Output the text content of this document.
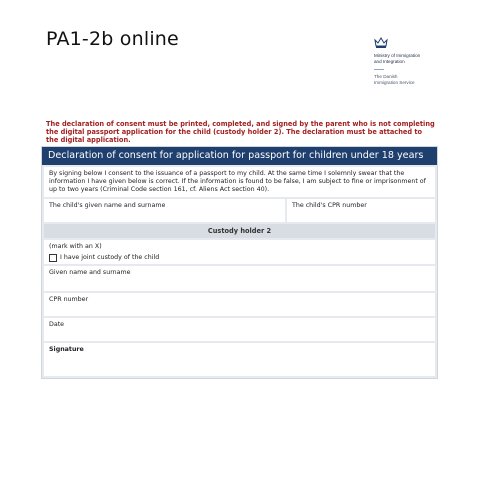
PA1-2b online
Ministry of Immigration
and Integration
The Danish
Immigration Service
The declaration of consent must be printed, completed, and signed by the parent who is not completing the digital passport application for the child (custody holder 2). The declaration must be attached to the digital application.
Declaration of consent for application for passport for children under 18 years
By signing below I consent to the issuance of a passport to my child. At the same time I solemnly swear that the information I have given below is correct. If the information is found to be false, I am subject to fine or imprisonment of up to two years (Criminal Code section 161, cf. Aliens Act section 40).
The child's given name and surname	The child's CPR number
Custody holder 2
(mark with an X)
I have joint custody of the child
Given name and surname
CPR number
Date
Signature
